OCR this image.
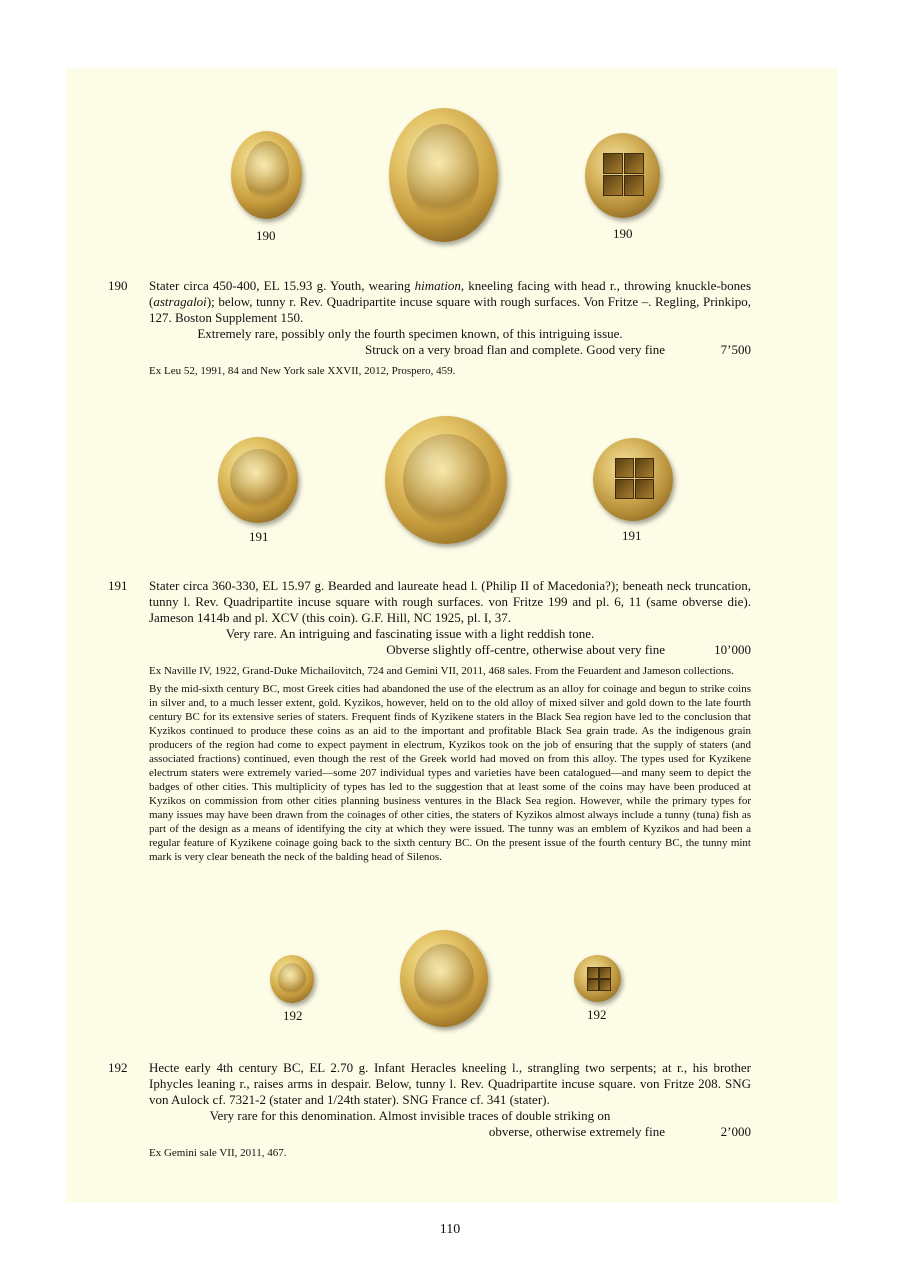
190	190
190 Stater circa 450-400, EL 15.93 g. Youth, wearing himation, kneeling facing with head r., throwing knuckle-bones (astragaloi); below, tunny r. Rev. Quadripartite incuse square with rough surfaces. Von Fritze –. Regling, Prinkipo, 127. Boston Supplement 150.
Extremely rare, possibly only the fourth specimen known, of this intriguing issue.
Struck on a very broad flan and complete. Good very fine	7’500
Ex Leu 52, 1991, 84 and New York sale XXVII, 2012, Prospero, 459.
191	191
191 Stater circa 360-330, EL 15.97 g. Bearded and laureate head l. (Philip II of Macedonia?); beneath neck truncation, tunny l. Rev. Quadripartite incuse square with rough surfaces. von Fritze 199 and pl. 6, 11 (same obverse die). Jameson 1414b and pl. XCV (this coin). G.F. Hill, NC 1925, pl. I, 37.
Very rare. An intriguing and fascinating issue with a light reddish tone.
Obverse slightly off-centre, otherwise about very fine	10’000
Ex Naville IV, 1922, Grand-Duke Michailovitch, 724 and Gemini VII, 2011, 468 sales. From the Feuardent and Jameson collections.
By the mid-sixth century BC, most Greek cities had abandoned the use of the electrum as an alloy for coinage and begun to strike coins in silver and, to a much lesser extent, gold. Kyzikos, however, held on to the old alloy of mixed silver and gold down to the late fourth century BC for its extensive series of staters. Frequent finds of Kyzikene staters in the Black Sea region have led to the conclusion that Kyzikos continued to produce these coins as an aid to the important and profitable Black Sea grain trade. As the indigenous grain producers of the region had come to expect payment in electrum, Kyzikos took on the job of ensuring that the supply of staters (and associated fractions) continued, even though the rest of the Greek world had moved on from this alloy. The types used for Kyzikene electrum staters were extremely varied—some 207 individual types and varieties have been catalogued—and many seem to depict the badges of other cities. This multiplicity of types has led to the suggestion that at least some of the coins may have been produced at Kyzikos on commission from other cities planning business ventures in the Black Sea region. However, while the primary types for many issues may have been drawn from the coinages of other cities, the staters of Kyzikos almost always include a tunny (tuna) fish as part of the design as a means of identifying the city at which they were issued. The tunny was an emblem of Kyzikos and had been a regular feature of Kyzikene coinage going back to the sixth century BC. On the present issue of the fourth century BC, the tunny mint mark is very clear beneath the neck of the balding head of Silenos.
192	192
192 Hecte early 4th century BC, EL 2.70 g. Infant Heracles kneeling l., strangling two serpents; at r., his brother Iphycles leaning r., raises arms in despair. Below, tunny l. Rev. Quadripartite incuse square. von Fritze 208. SNG von Aulock cf. 7321-2 (stater and 1/24th stater). SNG France cf. 341 (stater).
Very rare for this denomination. Almost invisible traces of double striking on
obverse, otherwise extremely fine	2’000
Ex Gemini sale VII, 2011, 467.
110
